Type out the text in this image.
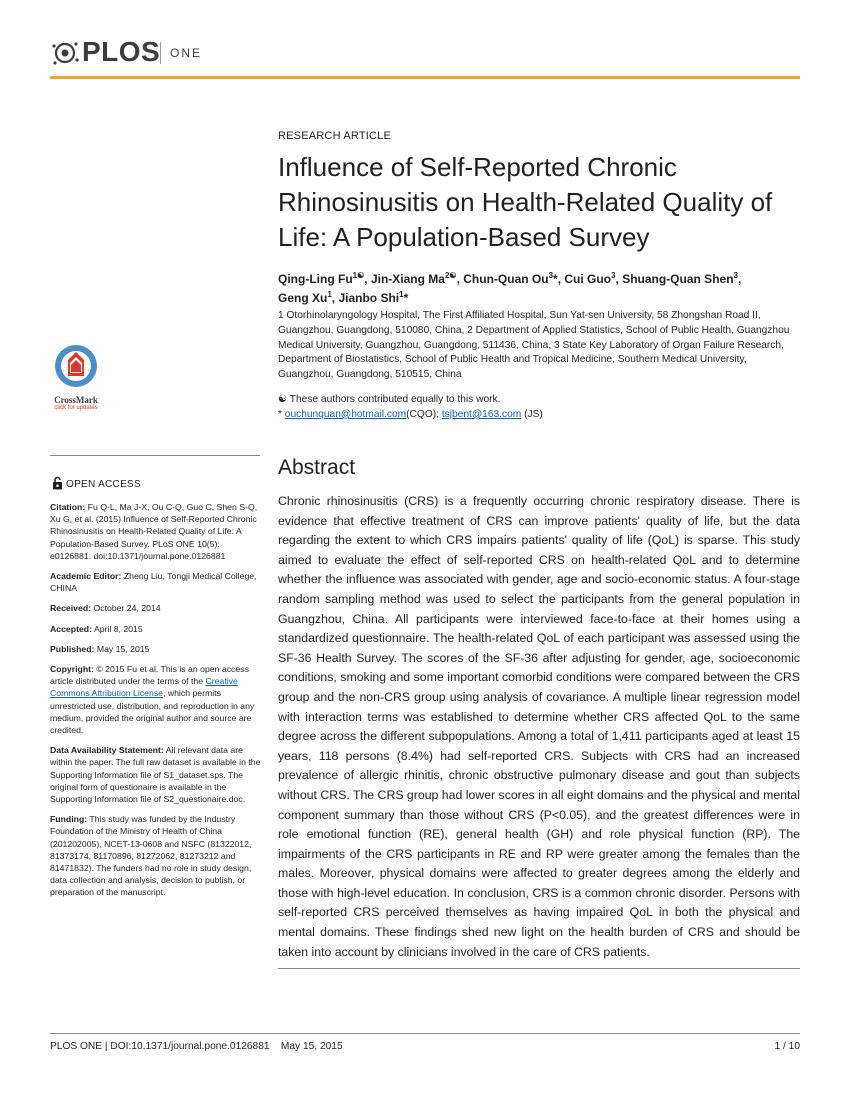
PLOS ONE
CrossMark
click for updates
RESEARCH ARTICLE
Influence of Self-Reported Chronic Rhinosinusitis on Health-Related Quality of Life: A Population-Based Survey
Qing-Ling $Fu^{1☯}$, Jin-Xiang $Ma^{2☯}$, Chun-Quan Ou$^3$*, Cui Guo$^3$, Shuang-Quan Shen$^3$,
Geng Xu$^1$, Jianbo Shi$^1$*
1 Otorhinolaryngology Hospital, The First Affiliated Hospital, Sun Yat-sen University, 58 Zhongshan Road II, Guangzhou, Guangdong, 510080, China, 2 Department of Applied Statistics, School of Public Health, Guangzhou Medical University, Guangzhou, Guangdong, 511436, China, 3 State Key Laboratory of Organ Failure Research, Department of Biostatistics, School of Public Health and Tropical Medicine, Southern Medical University, Guangzhou, Guangdong, 510515, China
☯ These authors contributed equally to this work.
* ouchunquan@hotmail.com(CQO); tsjbent@163.com (JS)
Abstract
Chronic rhinosinusitis (CRS) is a frequently occurring chronic respiratory disease. There is evidence that effective treatment of CRS can improve patients' quality of life, but the data regarding the extent to which CRS impairs patients' quality of life (QoL) is sparse. This study aimed to evaluate the effect of self-reported CRS on health-related QoL and to determine whether the influence was associated with gender, age and socio-economic status. A four-stage random sampling method was used to select the participants from the general population in Guangzhou, China. All participants were interviewed face-to-face at their homes using a standardized questionnaire. The health-related QoL of each participant was assessed using the SF-36 Health Survey. The scores of the SF-36 after adjusting for gender, age, socioeconomic conditions, smoking and some important comorbid conditions were compared between the CRS group and the non-CRS group using analysis of covariance. A multiple linear regression model with interaction terms was established to determine whether CRS affected QoL to the same degree across the different subpopulations. Among a total of 1,411 participants aged at least 15 years, 118 persons (8.4%) had self-reported CRS. Subjects with CRS had an increased prevalence of allergic rhinitis, chronic obstructive pulmonary disease and gout than subjects without CRS. The CRS group had lower scores in all eight domains and the physical and mental component summary than those without CRS (P<0.05), and the greatest differences were in role emotional function (RE), general health (GH) and role physical function (RP). The impairments of the CRS participants in RE and RP were greater among the females than the males. Moreover, physical domains were affected to greater degrees among the elderly and those with high-level education. In conclusion, CRS is a common chronic disorder. Persons with self-reported CRS perceived themselves as having impaired QoL in both the physical and mental domains. These findings shed new light on the health burden of CRS and should be taken into account by clinicians involved in the care of CRS patients.
OPEN ACCESS
Citation: Fu Q-L, Ma J-X, Ou C-Q, Guo C, Shen S-Q, Xu G, et al. (2015) Influence of Self-Reported Chronic Rhinosinusitis on Health-Related Quality of Life: A Population-Based Survey. PLoS ONE 10(5): e0126881. doi:10.1371/journal.pone.0126881
Academic Editor: Zheng Liu, Tongji Medical College, CHINA
Received: October 24, 2014
Accepted: April 8, 2015
Published: May 15, 2015
Copyright: © 2015 Fu et al. This is an open access article distributed under the terms of the Creative Commons Attribution License, which permits unrestricted use, distribution, and reproduction in any medium, provided the original author and source are credited.
Data Availability Statement: All relevant data are within the paper. The full raw dataset is available in the Supporting Information file of S1_dataset.sps. The original form of questionaire is available in the Supporting Information file of S2_questionaire.doc.
Funding: This study was funded by the Industry Foundation of the Ministry of Health of China (201202005), NCET-13-0608 and NSFC (81322012, 81373174, 81170896, 81272062, 81273212 and 81471832). The funders had no role in study design, data collection and analysis, decision to publish, or preparation of the manuscript.
PLOS ONE | DOI:10.1371/journal.pone.0126881    May 15, 2015	1 / 10
